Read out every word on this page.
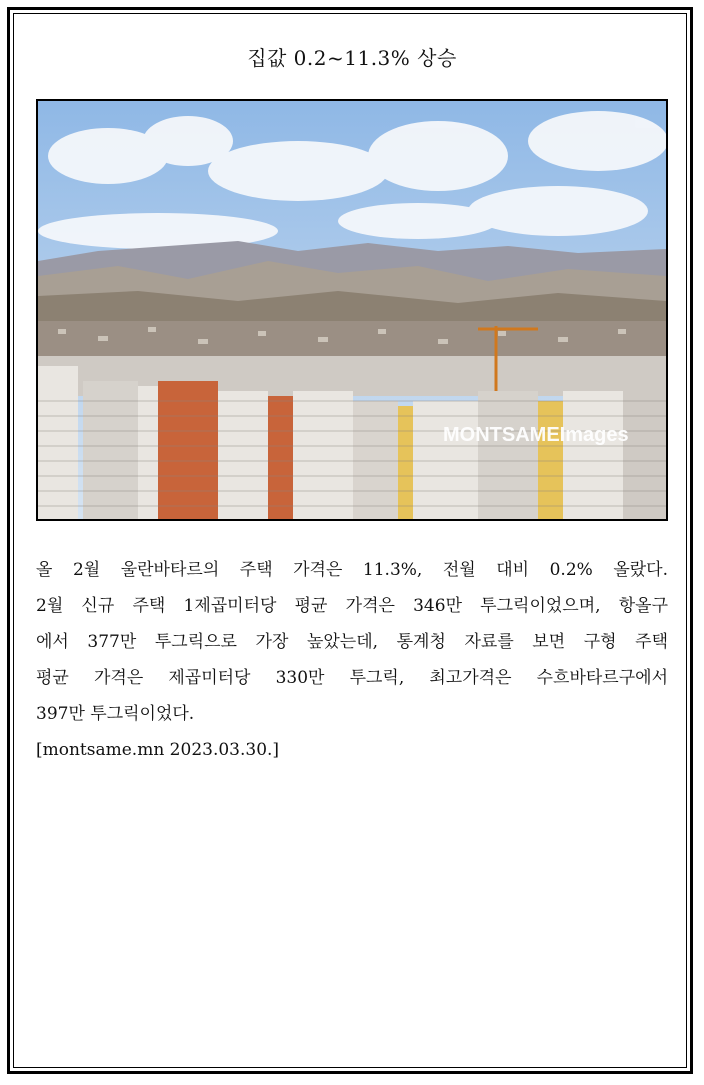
집값 0.2~11.3% 상승
MONTSAMEImages
올 2월 울란바타르의 주택 가격은 11.3%, 전월 대비 0.2% 올랐다.
2월 신규 주택 1제곱미터당 평균 가격은 346만 투그릭이었으며, 항올구
에서 377만 투그릭으로 가장 높았는데, 통계청 자료를 보면 구형 주택
평균 가격은 제곱미터당 330만 투그릭, 최고가격은 수흐바타르구에서
397만 투그릭이었다.
[montsame.mn 2023.03.30.]
